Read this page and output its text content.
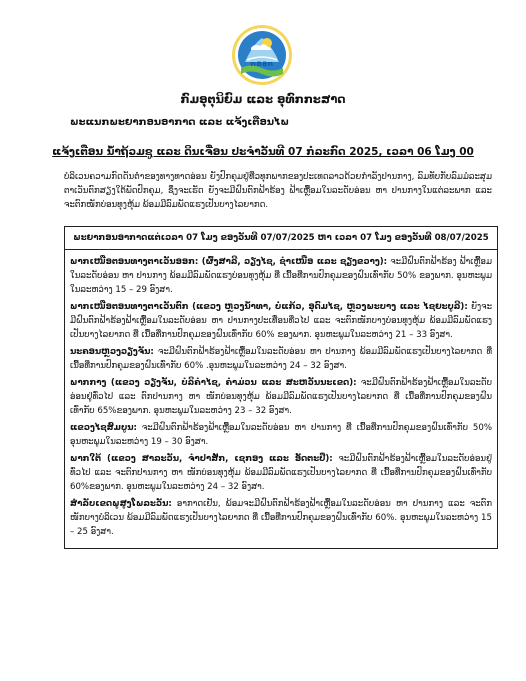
ກອອກ
ກົມອຸຕຸນິຍົມ ແລະ ອຸທົກກະສາດ
ພະແນກພະຍາກອນອາກາດ ແລະ ແຈ້ງເຕືອນໄພ
ແຈ້ງເຕືອນ ນໍ້າຖ້ວມຊູ ແລະ ດິນເຈື່ອນ ປະຈໍາວັນທີ 07 ກໍລະກົດ 2025, ເວລາ 06 ໂມງ 00
ບໍລິເວນຄວາມກົດດັນຕໍ່າຂອງທາງທາດອ່ອນ ຍັງປົກຄຸມຢູ່ທີ່ວທຸກພາກຂອງປະເທດລາວດ້ວຍກໍາລັງປານກາງ, ລົມທັບກັບລົມມໍລະສຸມຕາເວັນຕົກສຽງໃຕ້ພັດປົກຄຸມ, ຊຶ່ງຈະເຮັດ ຍັງຈະມີຝົນຕົກຟ້າຮ້ອງ ຟ້າເຫຼື້ອມໃນລະດັບອ່ອນ ຫາ ປານກາງໃນແຕ່ລະພາກ ແລະ ຈະຕົກໜັກບ່ອນທຸງຫຸ້ມ ພ້ອມມີລົມພັດແຮງເປັນບາງໄລຍາກດ.
ພະຍາກອນອາກາດແຕ່ເວລາ 07 ໂມງ ຂອງວັນທີ 07/07/2025 ຫາ ເວລາ 07 ໂມງ ຂອງວັນທີ 08/07/2025

ພາກເໜືອຕອນທາງຕາເວັນອອກ: (ຜົ້ງສາລີ, ວຽງໄຊ, ຊໍາເໜືອ ແລະ ຊຽງຂວາງ): ຈະມີຝົນຕົກຟ້າຮ້ອງ ຟ້າເຫຼື້ອມໃນລະດັບອ່ອນ ຫາ ປານກາງ ພ້ອມມີລົມພັດແຮງບ່ອນທຸງຫຸ້ມ ທີ່ ເນື້ອທີ່ການປົກຄຸມຂອງຝົນເທົ່າກັບ 50% ຂອງພາກ. ອຸນຫະພູມໃນລະຫວ່າງ 15 – 29 ອົງສາ.
ພາກເໜືອຕອນທາງຕາເວັນຕົກ (ແຂວງ ຫຼວງນໍ້າທາ, ບໍ່ແກ້ວ, ອຸດົມໄຊ, ຫຼວງພະບາງ ແລະ ໄຊຍະບູລີ): ຍັງຈະມີຝົນຕົກຟ້າຮ້ອງຟ້າເຫຼື້ອມໃນລະດັບອ່ອນ ຫາ ປານກາງປະເທື່ອນທີ່ວໄປ ແລະ ຈະຕົກໜັກບາງບ່ອນທຸງຫຸ້ມ ພ້ອມມີລົມພັດແຮງເປັນບາງໄລຍາກດ ທີ່ ເນື້ອທີ່ການປົກຄຸມຂອງຝົນເທົ່າກັບ 60% ຂອງພາກ. ອຸນຫະພູມໃນລະຫວ່າງ 21 – 33 ອົງສາ.
ນະຄອນຫຼວງວຽງຈັນ: ຈະມີຝົນຕົກຟ້າຮ້ອງຟ້າເຫຼື້ອມໃນລະດັບອ່ອນ ຫາ ປານກາງ ພ້ອມມີລົມພັດແຮງເປັນບາງໄລຍາກດ ທີ່ ເນື້ອທີ່ການປົກຄຸມຂອງຝົນເທົ່າກັບ 60% .ອຸນຫະພູມໃນລະຫວ່າງ 24 – 32 ອົງສາ.
ພາກກາງ (ແຂວງ ວຽງຈັນ, ບໍລິຄໍາໄຊ, ຄໍາມ່ວນ ແລະ ສະຫວັນນະເຂດ): ຈະມີຝົນຕົກຟ້າຮ້ອງຟ້າເຫຼື້ອມໃນລະດັບອ່ອນຢູ່ທົ່ວໄປ ແລະ ຕົກປານກາງ ຫາ ໜັກບ່ອນທຸງຫຸ້ມ ພ້ອມມີລົມພັດແຮງເປັນບາງໄລຍາກດ ທີ່ ເນື້ອທີ່ການປົກຄຸມຂອງຝົນເທົ່າກັບ 65%ຂອງພາກ. ອຸນຫະພູມໃນລະຫວ່າງ 23 – 32 ອົງສາ.
ແຂວງໄຊສົມບູນ: ຈະມີຝົນຕົກຟ້າຮ້ອງຟ້າເຫຼື້ອມໃນລະດັບອ່ອນ ຫາ ປານກາງ ທີ່ ເນື້ອທີ່ການປົກຄຸມຂອງຝົນເທົ່າກັບ 50% ອຸນຫະພູມໃນລະຫວ່າງ 19 – 30 ອົງສາ.
ພາກໃຕ້ (ແຂວງ ສາລະວັນ, ຈໍາປາສັກ, ເຊກອງ ແລະ ອັດຕະປື): ຈະມີຝົນຕົກຟ້າຮ້ອງຟ້າເຫຼື້ອມໃນລະດັບອ່ອນຢູ່ທົ່ວໄປ ແລະ ຈະຕົກປານກາງ ຫາ ໜັກບ່ອນທຸງຫຸ້ມ ພ້ອມມີລົມພັດແຮງເປັນບາງໄລຍາກດ ທີ່ ເນື້ອທີ່ການປົກຄຸມຂອງຝົນເທົ່າກັບ 60%ຂອງພາກ. ອຸນຫະພູມໃນລະຫວ່າງ 24 – 32 ອົງສາ.
ສໍາລັບເຂດພູສູງໂພລະວັນ: ອາກາດເຢັນ, ພ້ອມຈະມີຝົນຕົກຟ້າຮ້ອງຟ້າເຫຼື້ອມໃນລະດັບອ່ອນ ຫາ ປານກາງ ແລະ ຈະຕົກໜັກບາງບໍລິເວນ ພ້ອມມີລົມພັດແຮງເປັນບາງໄລຍາກດ ທີ່ ເນື້ອທີ່ການປົກຄຸມຂອງຝົນເທົ່າກັບ 60%. ອຸນຫະພູມໃນລະຫວ່າງ 15 – 25 ອົງສາ.
